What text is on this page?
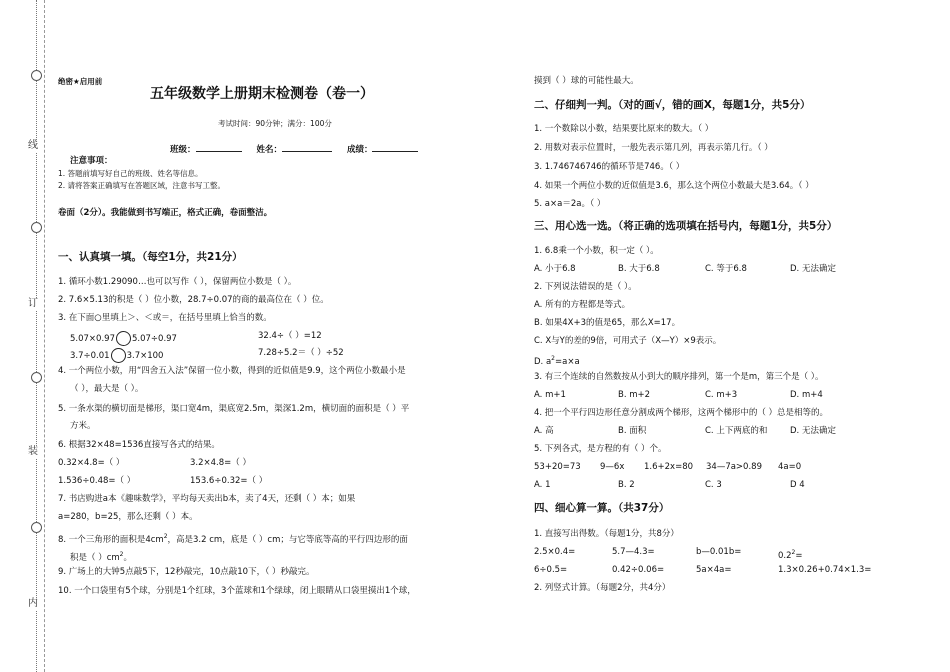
线
订
装
内
绝密★启用前
五年级数学上册期末检测卷（卷一）
考试时间：90分钟；满分：100分
班级：	姓名：	成绩：
注意事项：
1. 答题前填写好自己的班级、姓名等信息。
2. 请将答案正确填写在答题区域，注意书写工整。
卷面（2分）。我能做到书写端正，格式正确，卷面整洁。
一、认真填一填。（每空1分，共21分）
1. 循环小数1.29090…也可以写作（ ），保留两位小数是（ ）。
2. 7.6×5.13的积是（ ）位小数，28.7÷0.07的商的最高位在（ ）位。
3. 在下面○里填上＞、＜或＝，在括号里填上恰当的数。
5.07×0.97 5.07÷0.97	32.4÷（ ）=12
3.7÷0.01 3.7×100	7.28÷5.2＝（ ）÷52
4. 一个两位小数，用“四舍五入法”保留一位小数，得到的近似值是9.9，这个两位小数最小是
（ ），最大是（ ）。
5. 一条水渠的横切面是梯形，渠口宽4m，渠底宽2.5m，渠深1.2m，横切面的面积是（ ）平
方米。
6. 根据32×48=1536直接写各式的结果。
0.32×4.8=（ ）	3.2×4.8=（ ）
1.536÷0.48=（ ）	153.6÷0.32=（ ）
7. 书店购进a本《趣味数学》，平均每天卖出b本，卖了4天，还剩（ ）本；如果
a=280，b=25，那么还剩（ ）本。
8. 一个三角形的面积是$4cm^2$，高是3.2 cm，底是（ ）cm；与它等底等高的平行四边形的面
积是（ ）$cm^2$。
9. 广场上的大钟5点敲5下，12秒敲完，10点敲10下，（ ）秒敲完。
10. 一个口袋里有5个球，分别是1个红球，3个蓝球和1个绿球，闭上眼睛从口袋里摸出1个球，
摸到（ ）球的可能性最大。
二、仔细判一判。（对的画√，错的画X，每题1分，共5分）
1. 一个数除以小数，结果要比原来的数大。（ ）
2. 用数对表示位置时，一般先表示第几列，再表示第几行。（ ）
3. 1.746746746的循环节是746。（ ）
4. 如果一个两位小数的近似值是3.6，那么这个两位小数最大是3.64。（ ）
5. a×a＝2a。（ ）
三、用心选一选。（将正确的选项填在括号内，每题1分，共5分）
1. 6.8乘一个小数，积一定（ ）。
A. 小于6.8	B. 大于6.8	C. 等于6.8	D. 无法确定
2. 下列说法错误的是（ ）。
A. 所有的方程都是等式。
B. 如果4X+3的值是65，那么X=17。
C. X与Y的差的9倍，可用式子（X—Y）×9表示。
D. $a^2=a\times a$
3. 有三个连续的自然数按从小到大的顺序排列，第一个是m，第三个是（ ）。
A. m+1	B. m+2	C. m+3	D. m+4
4. 把一个平行四边形任意分割成两个梯形，这两个梯形中的（ ）总是相等的。
A. 高	B. 面积	C. 上下两底的和	D. 无法确定
5. 下列各式，是方程的有（ ）个。
53+20=73 9—6x 1.6+2x=80 34—7a>0.89 4a=0
A. 1	B. 2	C. 3	D 4
四、细心算一算。（共37分）
1. 直接写出得数。（每题1分，共8分）
2.5×0.4=	5.7—4.3=	b—0.01b=	$0.2^2=$
6÷0.5=	0.42÷0.06=	5a×4a=	1.3×0.26+0.74×1.3=
2. 列竖式计算。（每题2分，共4分）
